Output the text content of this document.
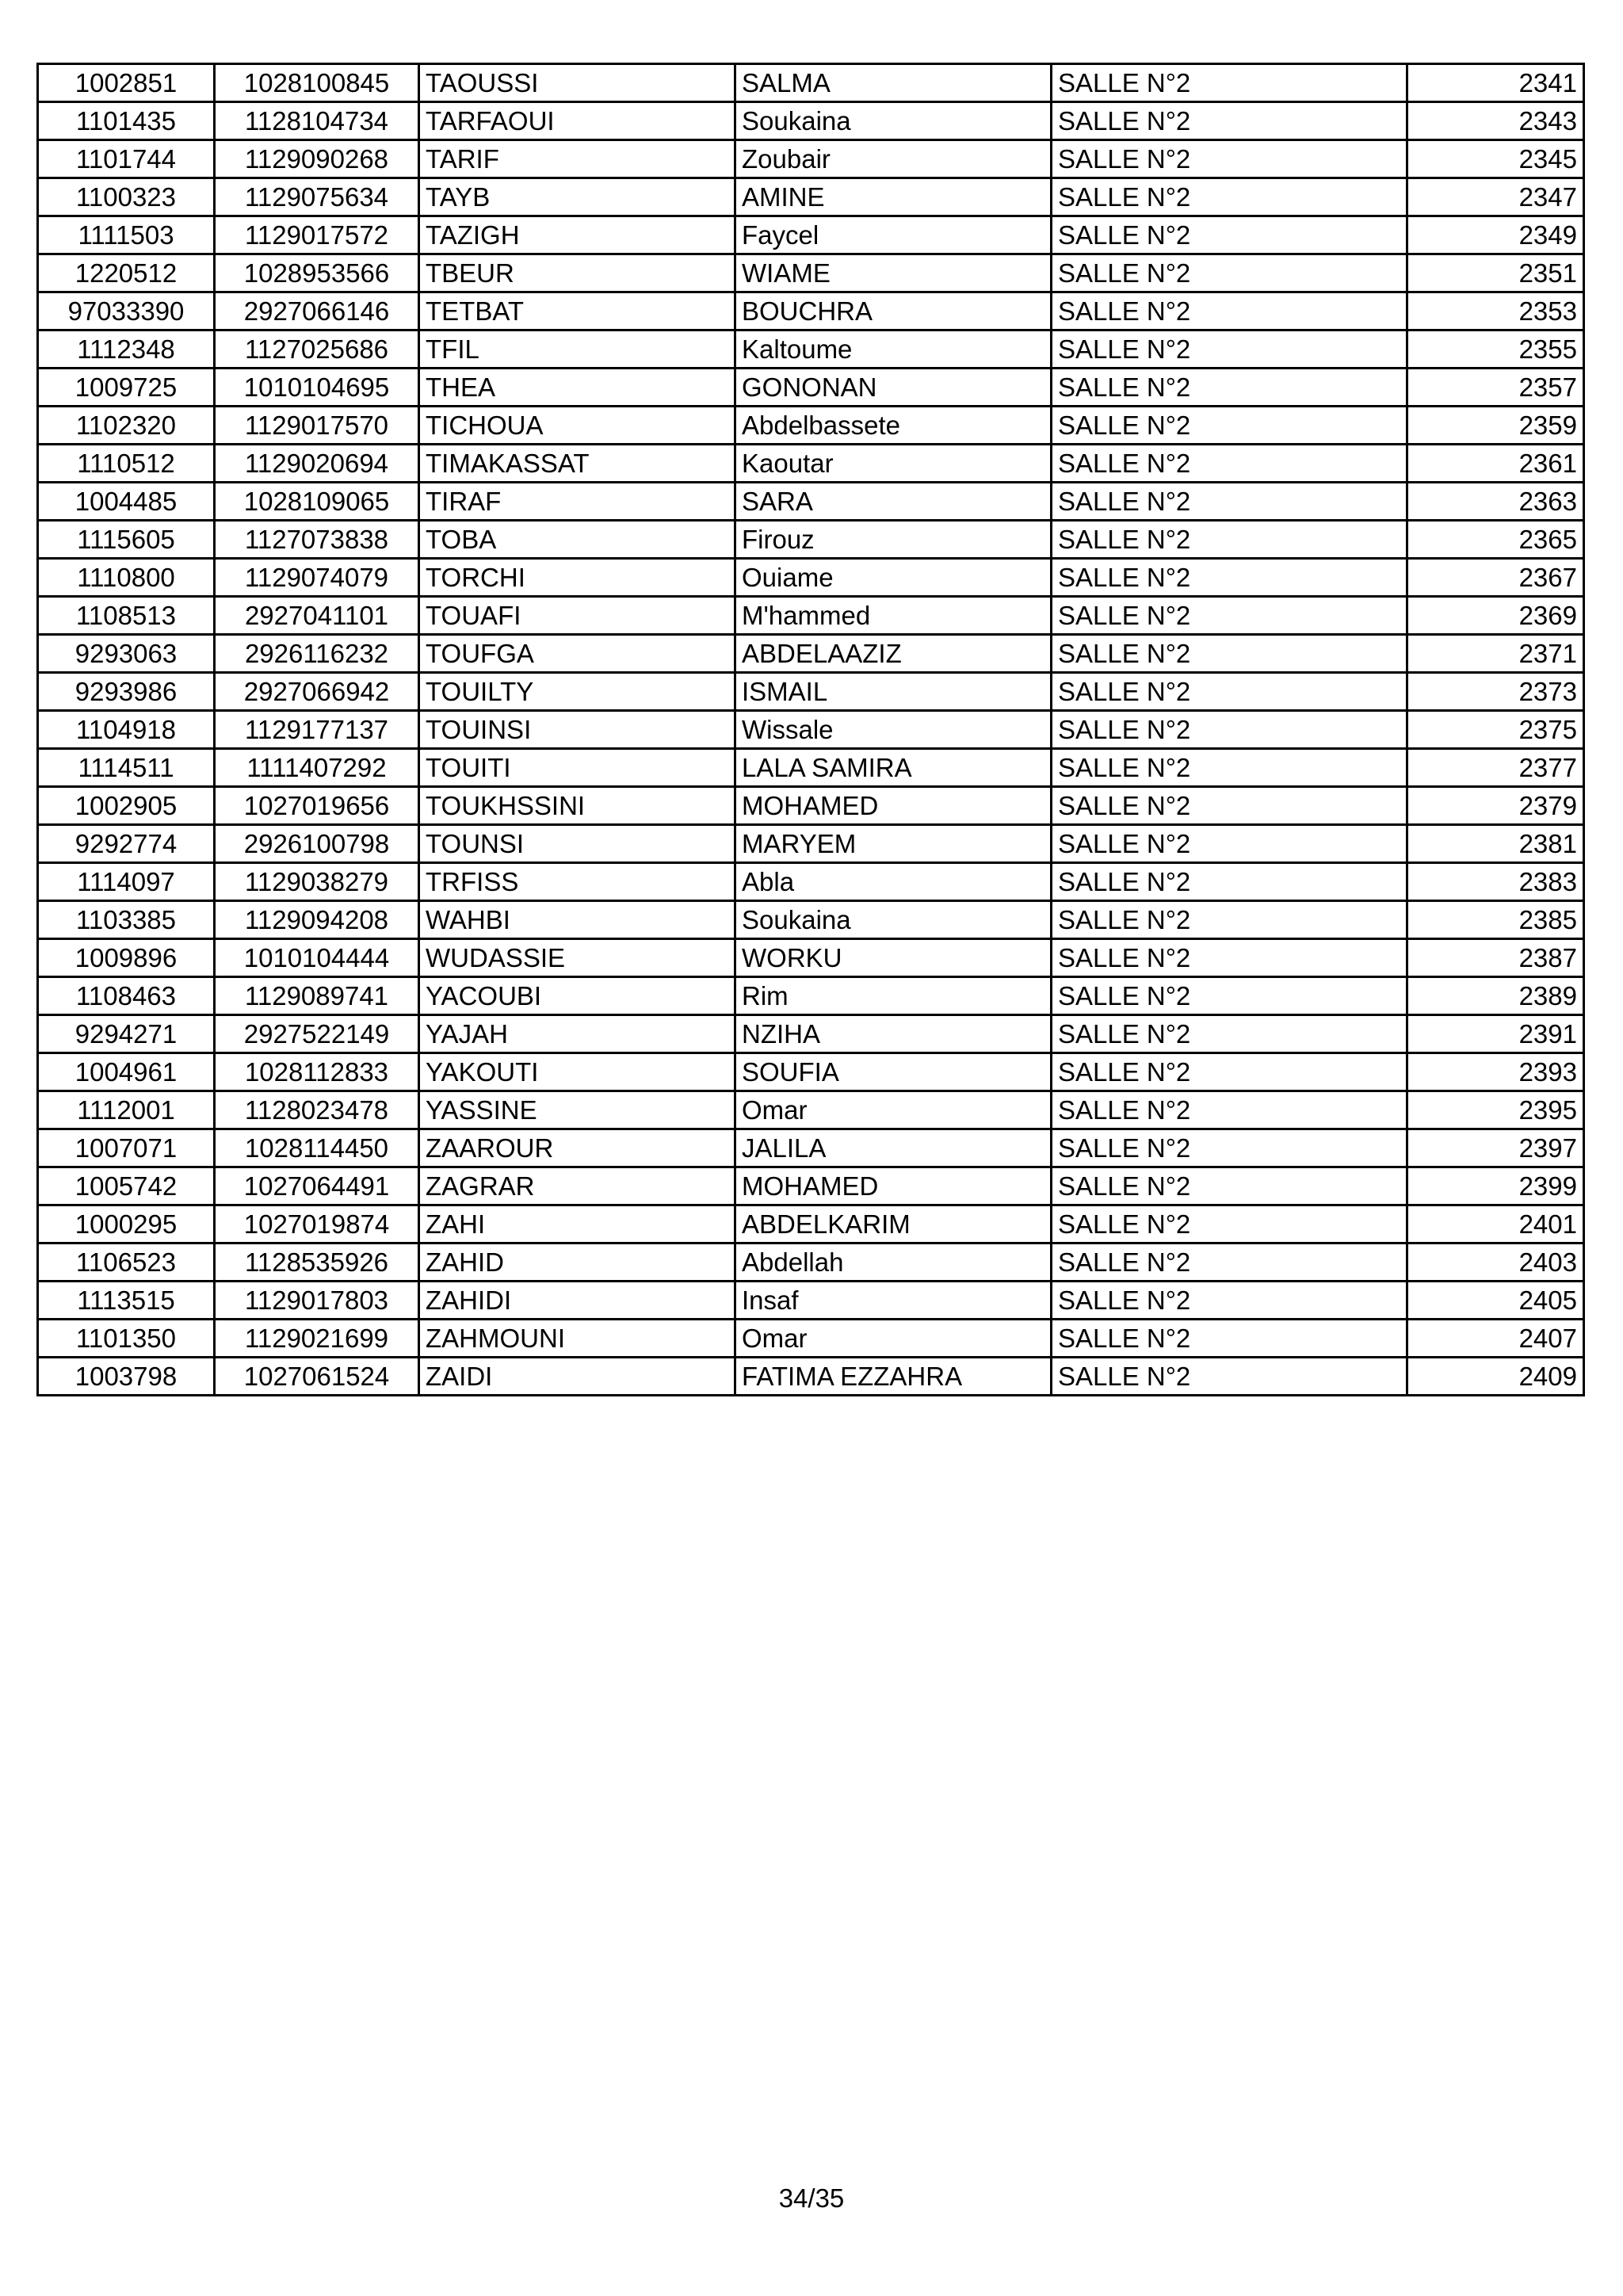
1002851	1028100845	TAOUSSI	SALMA	SALLE N°2	2341
1101435	1128104734	TARFAOUI	Soukaina	SALLE N°2	2343
1101744	1129090268	TARIF	Zoubair	SALLE N°2	2345
1100323	1129075634	TAYB	AMINE	SALLE N°2	2347
1111503	1129017572	TAZIGH	Faycel	SALLE N°2	2349
1220512	1028953566	TBEUR	WIAME	SALLE N°2	2351
97033390	2927066146	TETBAT	BOUCHRA	SALLE N°2	2353
1112348	1127025686	TFIL	Kaltoume	SALLE N°2	2355
1009725	1010104695	THEA	GONONAN	SALLE N°2	2357
1102320	1129017570	TICHOUA	Abdelbassete	SALLE N°2	2359
1110512	1129020694	TIMAKASSAT	Kaoutar	SALLE N°2	2361
1004485	1028109065	TIRAF	SARA	SALLE N°2	2363
1115605	1127073838	TOBA	Firouz	SALLE N°2	2365
1110800	1129074079	TORCHI	Ouiame	SALLE N°2	2367
1108513	2927041101	TOUAFI	M'hammed	SALLE N°2	2369
9293063	2926116232	TOUFGA	ABDELAAZIZ	SALLE N°2	2371
9293986	2927066942	TOUILTY	ISMAIL	SALLE N°2	2373
1104918	1129177137	TOUINSI	Wissale	SALLE N°2	2375
1114511	1111407292	TOUITI	LALA SAMIRA	SALLE N°2	2377
1002905	1027019656	TOUKHSSINI	MOHAMED	SALLE N°2	2379
9292774	2926100798	TOUNSI	MARYEM	SALLE N°2	2381
1114097	1129038279	TRFISS	Abla	SALLE N°2	2383
1103385	1129094208	WAHBI	Soukaina	SALLE N°2	2385
1009896	1010104444	WUDASSIE	WORKU	SALLE N°2	2387
1108463	1129089741	YACOUBI	Rim	SALLE N°2	2389
9294271	2927522149	YAJAH	NZIHA	SALLE N°2	2391
1004961	1028112833	YAKOUTI	SOUFIA	SALLE N°2	2393
1112001	1128023478	YASSINE	Omar	SALLE N°2	2395
1007071	1028114450	ZAAROUR	JALILA	SALLE N°2	2397
1005742	1027064491	ZAGRAR	MOHAMED	SALLE N°2	2399
1000295	1027019874	ZAHI	ABDELKARIM	SALLE N°2	2401
1106523	1128535926	ZAHID	Abdellah	SALLE N°2	2403
1113515	1129017803	ZAHIDI	Insaf	SALLE N°2	2405
1101350	1129021699	ZAHMOUNI	Omar	SALLE N°2	2407
1003798	1027061524	ZAIDI	FATIMA EZZAHRA	SALLE N°2	2409
34/35
